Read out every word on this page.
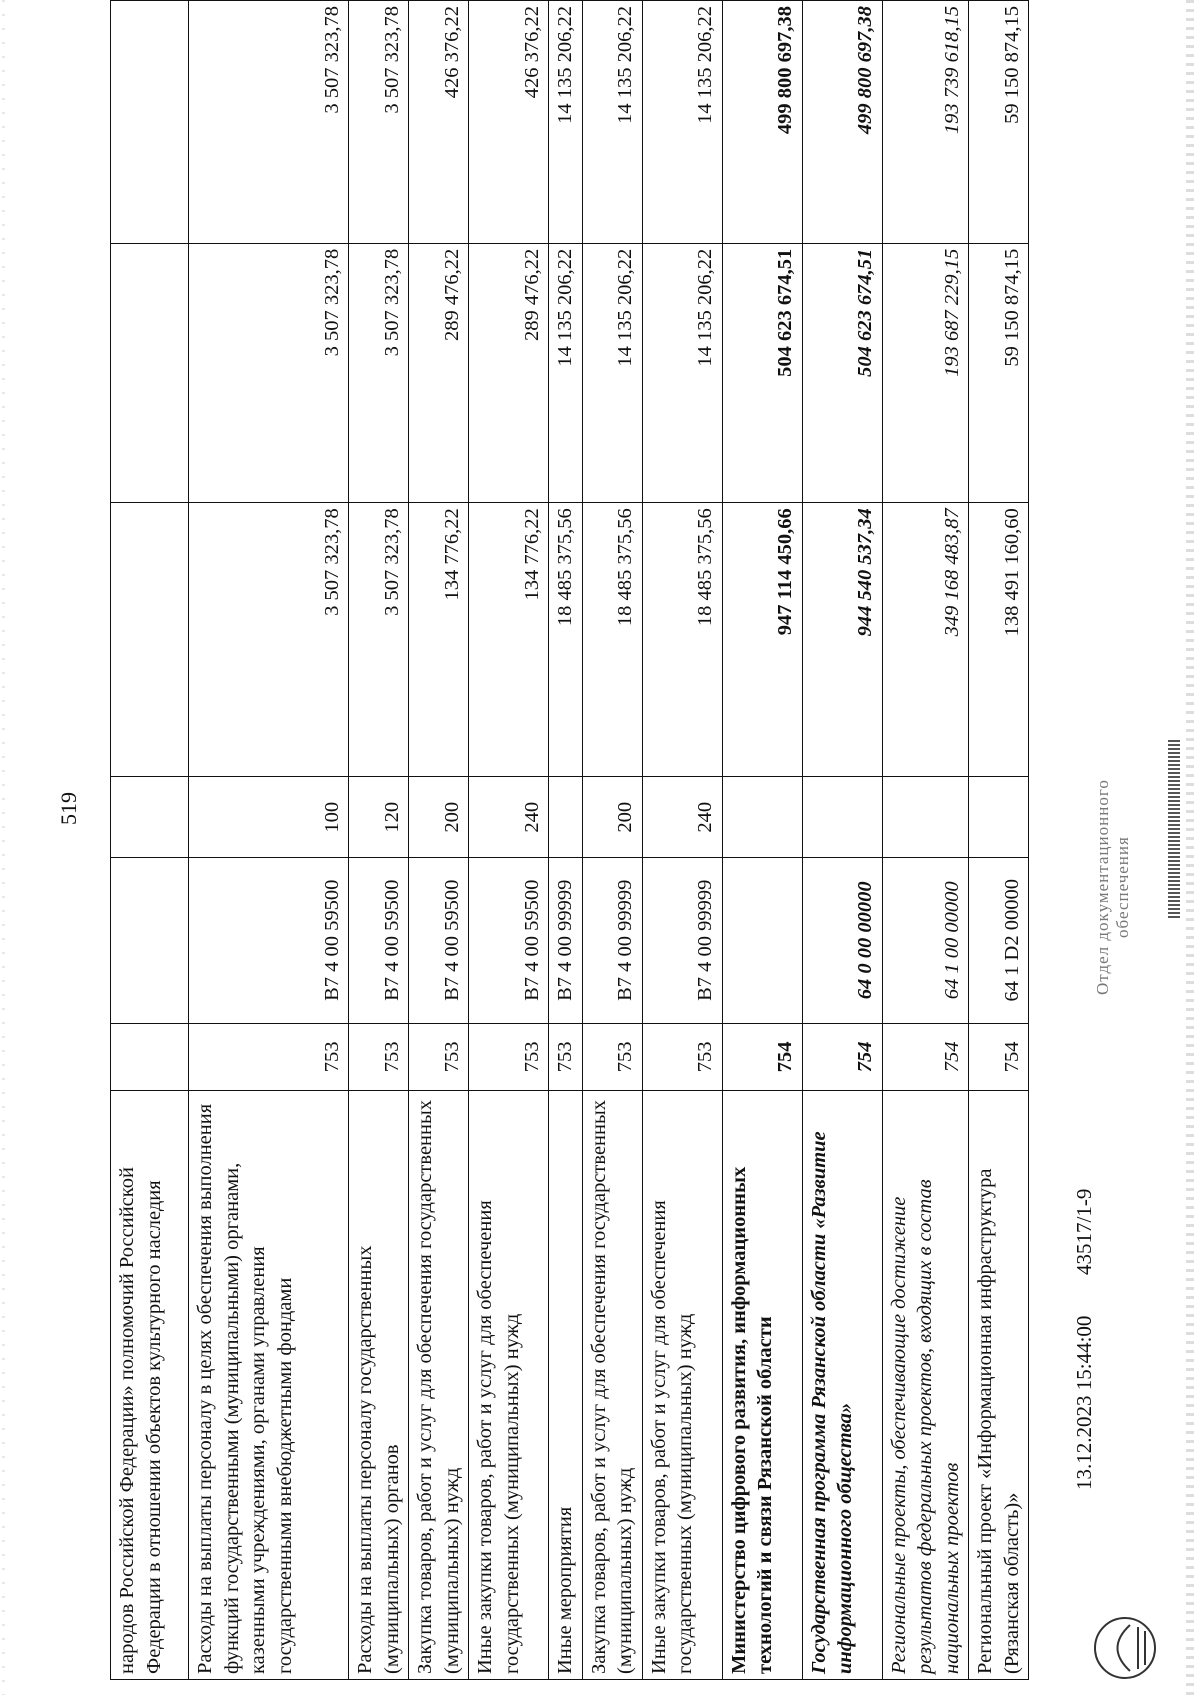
519
народов Российской Федерации» полномочий Российской Федерации в отношении объектов культурного наследия						
Расходы на выплаты персоналу в целях обеспечения выполнения функций государственными (муниципальными) органами, казенными учреждениями, органами управления государственными внебюджетными фондами	753	В7 4 00 59500	100	3 507 323,78	3 507 323,78	3 507 323,78
Расходы на выплаты персоналу государственных (муниципальных) органов	753	В7 4 00 59500	120	3 507 323,78	3 507 323,78	3 507 323,78
Закупка товаров, работ и услуг для обеспечения государственных (муниципальных) нужд	753	В7 4 00 59500	200	134 776,22	289 476,22	426 376,22
Иные закупки товаров, работ и услуг для обеспечения государственных (муниципальных) нужд	753	В7 4 00 59500	240	134 776,22	289 476,22	426 376,22
Иные мероприятия	753	В7 4 00 99999		18 485 375,56	14 135 206,22	14 135 206,22
Закупка товаров, работ и услуг для обеспечения государственных (муниципальных) нужд	753	В7 4 00 99999	200	18 485 375,56	14 135 206,22	14 135 206,22
Иные закупки товаров, работ и услуг для обеспечения государственных (муниципальных) нужд	753	В7 4 00 99999	240	18 485 375,56	14 135 206,22	14 135 206,22
Министерство цифрового развития, информационных технологий и связи Рязанской области	754			947 114 450,66	504 623 674,51	499 800 697,38
Государственная программа Рязанской области «Развитие информационного общества»	754	64 0 00 00000		944 540 537,34	504 623 674,51	499 800 697,38
Региональные проекты, обеспечивающие достижение результатов федеральных проектов, входящих в состав национальных проектов	754	64 1 00 00000		349 168 483,87	193 687 229,15	193 739 618,15
Региональный проект «Информационная инфраструктура (Рязанская область)»	754	64 1 D2 00000		138 491 160,60	59 150 874,15	59 150 874,15
13.12.2023 15:44:00
43517/1-9
Отдел документационного обеспечения
